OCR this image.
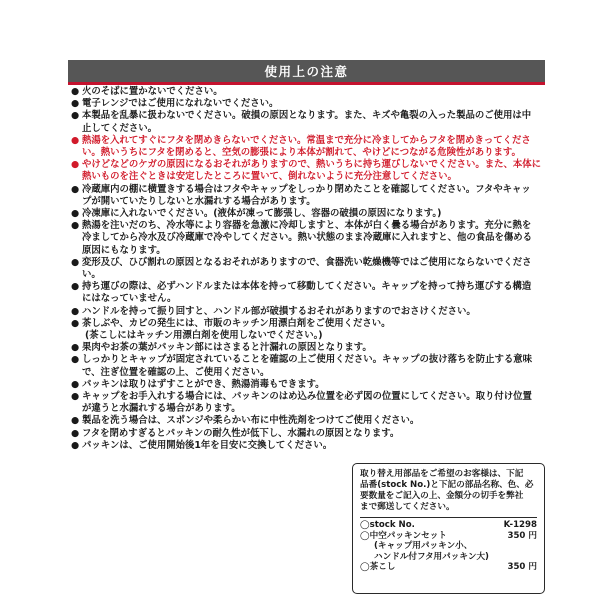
使用上の注意
● 火のそばに置かないでください。
● 電子レンジではご使用になれないでください。
● 本製品を乱暴に扱わないでください。破損の原因となります。また、キズや亀裂の入った製品のご使用は中
止してください。
● 熱湯を入れてすぐにフタを閉めきらないでください。常温まで充分に冷ましてからフタを閉めきってくださ
い。熱いうちにフタを閉めると、空気の膨張により本体が割れて、やけどにつながる危険性があります。
● やけどなどのケガの原因になるおそれがありますので、熱いうちに持ち運びしないでください。また、本体に
熱いものを注ぐときは安定したところに置いて、倒れないように充分注意してください。
● 冷蔵庫内の棚に横置きする場合はフタやキャップをしっかり閉めたことを確認してください。フタやキャッ
プが開いていたりしないと水漏れする場合があります。
● 冷凍庫に入れないでください。(液体が凍って膨張し、容器の破損の原因になります。)
● 熱湯を注いだのち、冷水等により容器を急激に冷却しますと、本体が白く曇る場合があります。充分に熱を
冷ましてから冷水及び冷蔵庫で冷やしてください。熱い状態のまま冷蔵庫に入れますと、他の食品を傷める
原因にもなります。
● 変形及び、ひび割れの原因となるおそれがありますので、食器洗い乾燥機等ではご使用にならないでください。
● 持ち運びの際は、必ずハンドルまたは本体を持って移動してください。キャップを持って持ち運びする構造
にはなっていません。
● ハンドルを持って振り回すと、ハンドル部が破損するおそれがありますのでおさけください。
● 茶しぶや、カビの発生には、市販のキッチン用漂白剤をご使用ください。
(茶こしにはキッチン用漂白剤を使用しないでください。)
● 果肉やお茶の葉がパッキン部にはさまると汁漏れの原因となります。
● しっかりとキャップが固定されていることを確認の上ご使用ください。キャップの抜け落ちを防止する意味
で、注ぎ位置を確認の上、ご使用ください。
● パッキンは取りはずすことができ、熱湯消毒もできます。
● キャップをお手入れする場合には、パッキンのはめ込み位置を必ず図の位置にしてください。取り付け位置
が違うと水漏れする場合があります。
● 製品を洗う場合は、スポンジや柔らかい布に中性洗剤をつけてご使用ください。
● フタを閉めすぎるとパッキンの耐久性が低下し、水漏れの原因となります。
● パッキンは、ご使用開始後1年を目安に交換してください。
取り替え用部品をご希望のお客様は、下記
品番(stock No.)と下記の部品名称、色、必
要数量をご記入の上、金額分の切手を弊社
まで郵送してください。
◯stock No.	K-1298
◯中空パッキンセット	350 円
(キャップ用パッキン小、
ハンドル付フタ用パッキン大)
◯茶こし	350 円
